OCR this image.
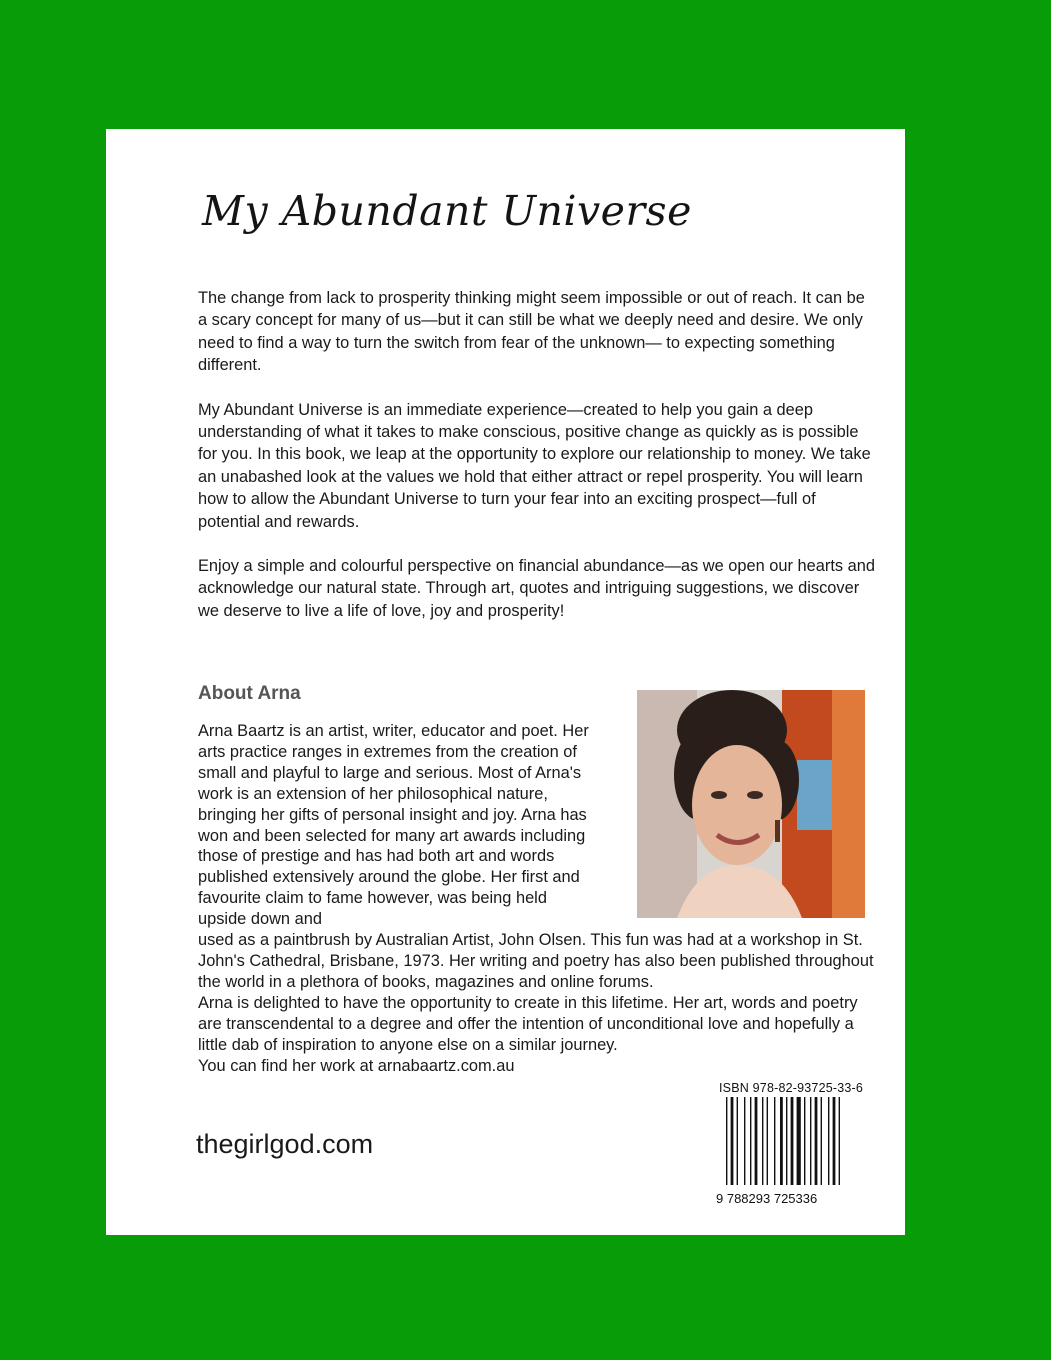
My Abundant Universe

The change from lack to prosperity thinking might seem impossible or out of reach. It can be a scary concept for many of us—but it can still be what we deeply need and desire. We only need to find a way to turn the switch from fear of the unknown— to expecting something different.

My Abundant Universe is an immediate experience—created to help you gain a deep understanding of what it takes to make conscious, positive change as quickly as is possible for you. In this book, we leap at the opportunity to explore our relationship to money. We take an unabashed look at the values we hold that either attract or repel prosperity. You will learn how to allow the Abundant Universe to turn your fear into an exciting prospect—full of potential and rewards.

Enjoy a simple and colourful perspective on financial abundance—as we open our hearts and acknowledge our natural state. Through art, quotes and intriguing suggestions, we discover we deserve to live a life of love, joy and prosperity!

About Arna

Arna Baartz is an artist, writer, educator and poet. Her arts practice ranges in extremes from the creation of small and playful to large and serious. Most of Arna's work is an extension of her philosophical nature, bringing her gifts of personal insight and joy. Arna has won and been selected for many art awards including those of prestige and has had both art and words published extensively around the globe. Her first and favourite claim to fame however, was being held upside down and

used as a paintbrush by Australian Artist, John Olsen. This fun was had at a workshop in St. John's Cathedral, Brisbane, 1973. Her writing and poetry has also been published throughout the world in a plethora of books, magazines and online forums.

Arna is delighted to have the opportunity to create in this lifetime. Her art, words and poetry are transcendental to a degree and offer the intention of unconditional love and hopefully a little dab of inspiration to anyone else on a similar journey.

You can find her work at arnabaartz.com.au

thegirlgod.com

ISBN 978-82-93725-33-6
9 788293 725336
